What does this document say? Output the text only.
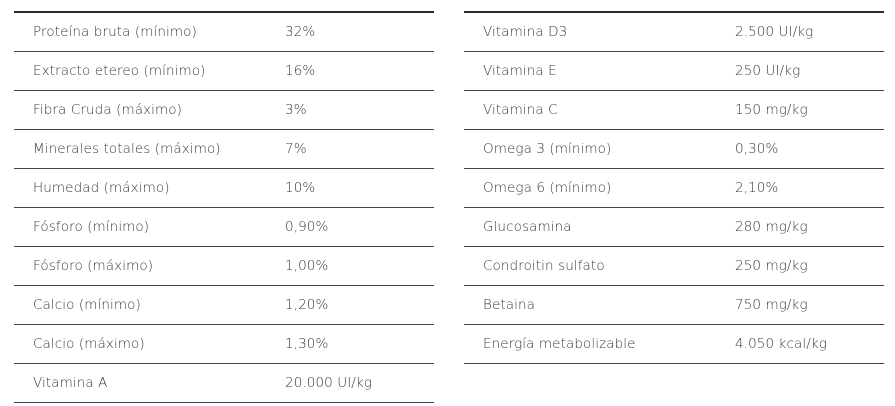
Proteína bruta (mínimo)	32%
Extracto etereo (mínimo)	16%
Fibra Cruda (máximo)	3%
Minerales totales (máximo)	7%
Humedad (máximo)	10%
Fósforo (mínimo)	0,90%
Fósforo (máximo)	1,00%
Calcio (mínimo)	1,20%
Calcio (máximo)	1,30%
Vitamina A	20.000 UI/kg
Vitamina D3	2.500 UI/kg
Vitamina E	250 UI/kg
Vitamina C	150 mg/kg
Omega 3 (mínimo)	0,30%
Omega 6 (mínimo)	2,10%
Glucosamina	280 mg/kg
Condroitin sulfato	250 mg/kg
Betaina	750 mg/kg
Energía metabolizable	4.050 kcal/kg
